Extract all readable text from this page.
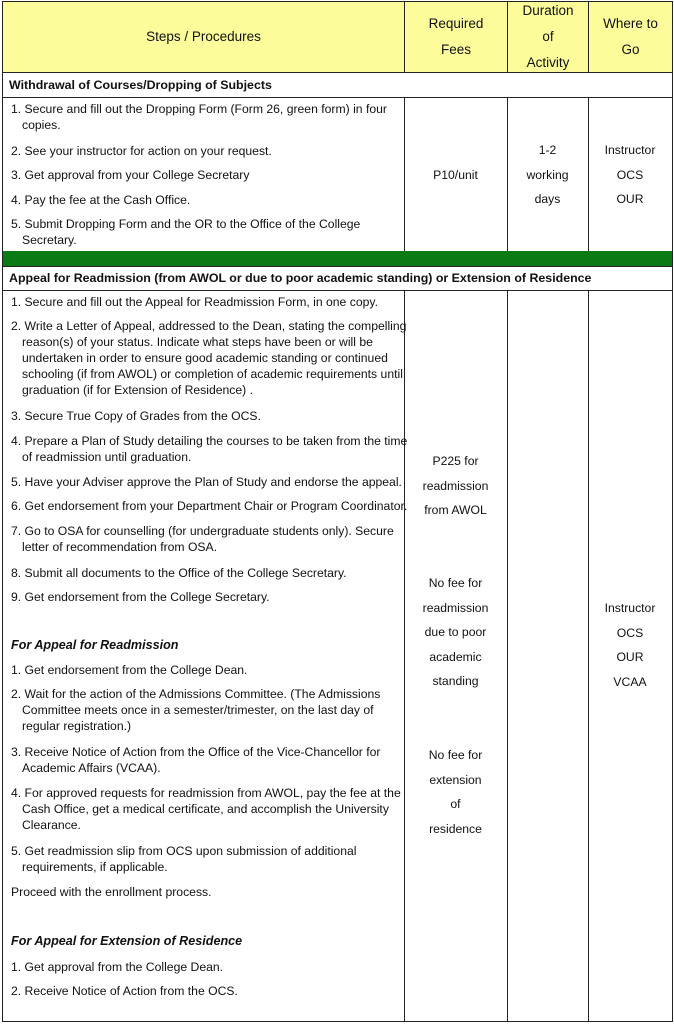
Steps / Procedures
Required
Fees
Duration
of
Activity
Where to
Go
Withdrawal of Courses/Dropping of Subjects
1. Secure and fill out the Dropping Form (Form 26, green form) in four copies.
2. See your instructor for action on your request.
3. Get approval from your College Secretary
4. Pay the fee at the Cash Office.
5. Submit Dropping Form and the OR to the Office of the College Secretary.
P10/unit
1-2
working
days
Instructor
OCS
OUR
Appeal for Readmission (from AWOL or due to poor academic standing) or Extension of Residence
1. Secure and fill out the Appeal for Readmission Form, in one copy.
2. Write a Letter of Appeal, addressed to the Dean, stating the compelling reason(s) of your status. Indicate what steps have been or will be undertaken in order to ensure good academic standing or continued schooling (if from AWOL) or completion of academic requirements until graduation (if for Extension of Residence) .
3. Secure True Copy of Grades from the OCS.
4. Prepare a Plan of Study detailing the courses to be taken from the time of readmission until graduation.
5. Have your Adviser approve the Plan of Study and endorse the appeal.
6. Get endorsement from your Department Chair or Program Coordinator.
7. Go to OSA for counselling (for undergraduate students only). Secure letter of recommendation from OSA.
8. Submit all documents to the Office of the College Secretary.
9. Get endorsement from the College Secretary.
For Appeal for Readmission
1. Get endorsement from the College Dean.
2. Wait for the action of the Admissions Committee. (The Admissions Committee meets once in a semester/trimester, on the last day of regular registration.)
3. Receive Notice of Action from the Office of the Vice-Chancellor for Academic Affairs (VCAA).
4. For approved requests for readmission from AWOL, pay the fee at the Cash Office, get a medical certificate, and accomplish the University Clearance.
5. Get readmission slip from OCS upon submission of additional requirements, if applicable.
Proceed with the enrollment process.
For Appeal for Extension of Residence
1. Get approval from the College Dean.
2. Receive Notice of Action from the OCS.
P225 for
readmission
from AWOL
No fee for
readmission
due to poor
academic
standing
No fee for
extension
of
residence
Instructor
OCS
OUR
VCAA
